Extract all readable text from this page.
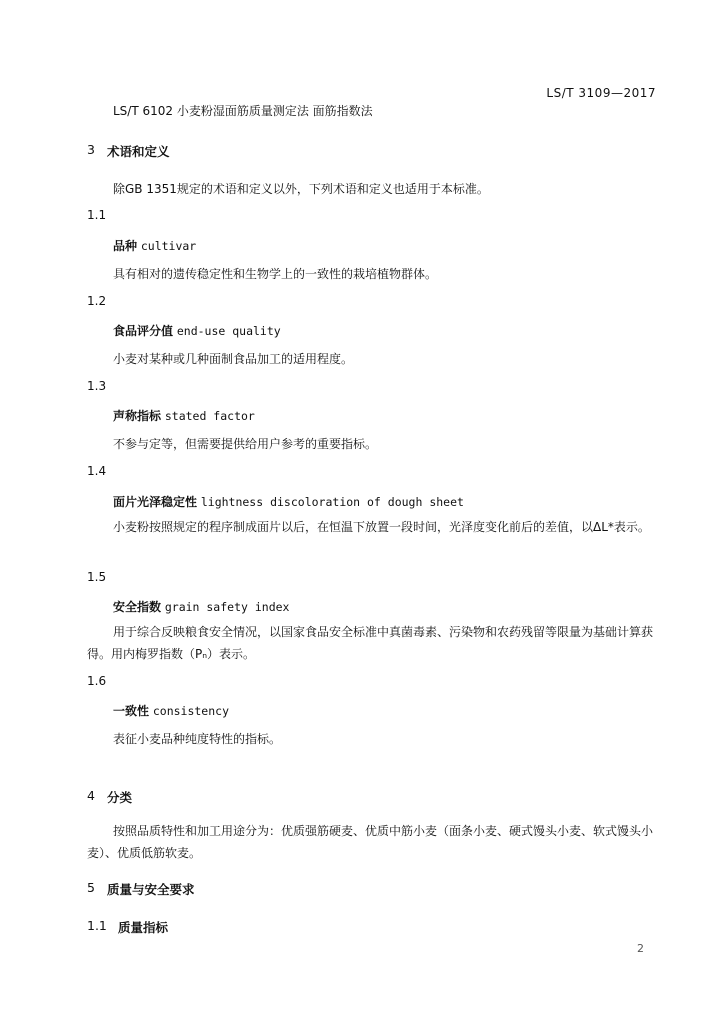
LS/T 3109—2017
LS/T 6102 小麦粉湿面筋质量测定法 面筋指数法
3 术语和定义
除GB 1351规定的术语和定义以外，下列术语和定义也适用于本标准。
1.1
品种 cultivar
具有相对的遗传稳定性和生物学上的一致性的栽培植物群体。
1.2
食品评分值 end-use quality
小麦对某种或几种面制食品加工的适用程度。
1.3
声称指标 stated factor
不参与定等，但需要提供给用户参考的重要指标。
1.4
面片光泽稳定性 lightness discoloration of dough sheet
小麦粉按照规定的程序制成面片以后，在恒温下放置一段时间，光泽度变化前后的差值，以ΔL*表示。
1.5
安全指数 grain safety index
用于综合反映粮食安全情况，以国家食品安全标准中真菌毒素、污染物和农药残留等限量为基础计算获得。用内梅罗指数（Pₙ）表示。
1.6
一致性 consistency
表征小麦品种纯度特性的指标。
4 分类
按照品质特性和加工用途分为：优质强筋硬麦、优质中筋小麦（面条小麦、硬式馒头小麦、软式馒头小麦）、优质低筋软麦。
5 质量与安全要求
1.1 质量指标
2
